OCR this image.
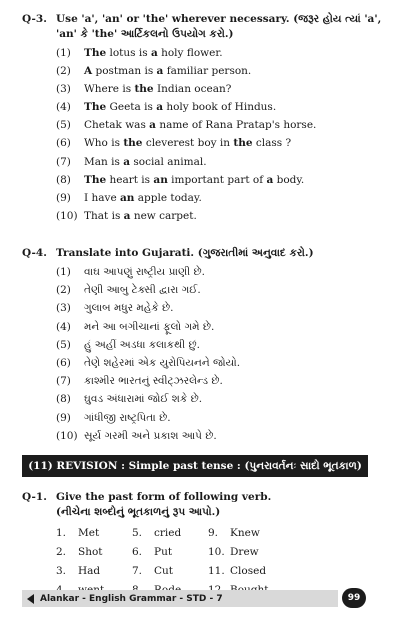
Q-3. Use 'a', 'an' or 'the' wherever necessary. (જરૂર હોય ત્યાં 'a', 'an' કે 'the' આર્ટિકલનો ઉપયોગ કરો.)
(1)	The lotus is a holy flower.
(2)	A postman is a familiar person.
(3)	Where is the Indian ocean?
(4)	The Geeta is a holy book of Hindus.
(5)	Chetak was a name of Rana Pratap's horse.
(6)	Who is the cleverest boy in the class ?
(7)	Man is a social animal.
(8)	The heart is an important part of a body.
(9)	I have an apple today.
(10) That is a new carpet.
Q-4. Translate into Gujarati. (ગુજરાતીમાં અનુવાદ કરો.)
(1)	વાઘ આપણું રાષ્ટ્રીય પ્રાણી છે.
(2)	તેણી આબુ ટેક્સી દ્વારા ગઈ.
(3)	ગુલાબ મધુર મહેકે છે.
(4)	મને આ બગીચાનાં ફૂલો ગમે છે.
(5)	હું અહીં અડધા કલાકથી છું.
(6)	તેણે શહેરમાં એક યુરોપિયનને જોયો.
(7)	કાશ્મીર ભારતનું સ્વીટ્ઝરલેન્ડ છે.
(8)	ઘુવડ અંધારામાં જોઈ શકે છે.
(9)	ગાંધીજી રાષ્ટ્રપિતા છે.
(10) સૂર્ય ગરમી અને પ્રકાશ આપે છે.
(11) REVISION : Simple past tense : (પુનરાવર્તનઃ સાદો ભૂતકાળ)
Q-1. Give the past form of following verb.
(નીચેના શબ્દોનું ભૂતકાળનું રૂપ આપો.)
1.	Met	5.	cried	9.	Knew
2.	Shot	6.	Put	10. Drew
3.	Had	7.	Cut	11. Closed
Alankar - English Grammar - STD - 7	99
